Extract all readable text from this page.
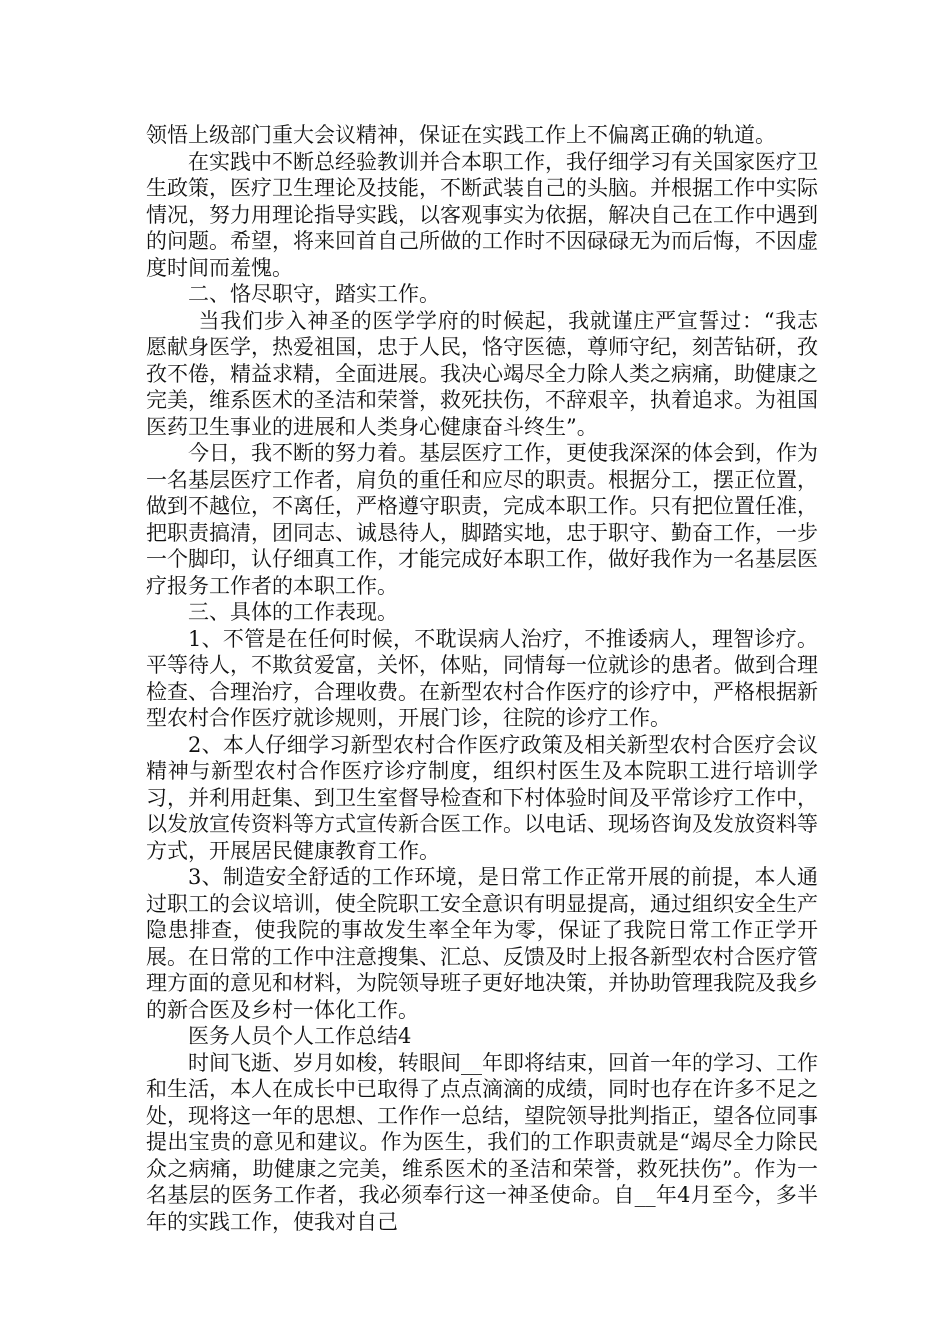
领悟上级部门重大会议精神，保证在实践工作上不偏离正确的轨道。

在实践中不断总经验教训并合本职工作，我仔细学习有关国家医疗卫生政策，医疗卫生理论及技能，不断武装自己的头脑。并根据工作中实际情况，努力用理论指导实践，以客观事实为依据，解决自己在工作中遇到的问题。希望，将来回首自己所做的工作时不因碌碌无为而后悔，不因虚度时间而羞愧。

二、恪尽职守，踏实工作。

当我们步入神圣的医学学府的时候起，我就谨庄严宣誓过：“我志愿献身医学，热爱祖国，忠于人民，恪守医德，尊师守纪，刻苦钻研，孜孜不倦，精益求精，全面进展。我决心竭尽全力除人类之病痛，助健康之完美，维系医术的圣洁和荣誉，救死扶伤，不辞艰辛，执着追求。为祖国医药卫生事业的进展和人类身心健康奋斗终生”。

今日，我不断的努力着。基层医疗工作，更使我深深的体会到，作为一名基层医疗工作者，肩负的重任和应尽的职责。根据分工，摆正位置，做到不越位，不离任，严格遵守职责，完成本职工作。只有把位置任准，把职责搞清，团同志、诚恳待人，脚踏实地，忠于职守、勤奋工作，一步一个脚印，认仔细真工作，才能完成好本职工作，做好我作为一名基层医疗报务工作者的本职工作。

三、具体的工作表现。

1、不管是在任何时候，不耽误病人治疗，不推诿病人，理智诊疗。平等待人，不欺贫爱富，关怀，体贴，同情每一位就诊的患者。做到合理检查、合理治疗，合理收费。在新型农村合作医疗的诊疗中，严格根据新型农村合作医疗就诊规则，开展门诊，往院的诊疗工作。

2、本人仔细学习新型农村合作医疗政策及相关新型农村合医疗会议精神与新型农村合作医疗诊疗制度，组织村医生及本院职工进行培训学习，并利用赶集、到卫生室督导检查和下村体验时间及平常诊疗工作中，以发放宣传资料等方式宣传新合医工作。以电话、现场咨询及发放资料等方式，开展居民健康教育工作。

3、制造安全舒适的工作环境，是日常工作正常开展的前提，本人通过职工的会议培训，使全院职工安全意识有明显提高，通过组织安全生产隐患排查，使我院的事故发生率全年为零，保证了我院日常工作正学开展。在日常的工作中注意搜集、汇总、反馈及时上报各新型农村合医疗管理方面的意见和材料，为院领导班子更好地决策，并协助管理我院及我乡的新合医及乡村一体化工作。

医务人员个人工作总结4

时间飞逝、岁月如梭，转眼间__年即将结束，回首一年的学习、工作和生活，本人在成长中已取得了点点滴滴的成绩，同时也存在许多不足之处，现将这一年的思想、工作作一总结，望院领导批判指正，望各位同事提出宝贵的意见和建议。作为医生，我们的工作职责就是“竭尽全力除民众之病痛，助健康之完美，维系医术的圣洁和荣誉，救死扶伤”。作为一名基层的医务工作者，我必须奉行这一神圣使命。自__年4月至今，多半年的实践工作，使我对自己
